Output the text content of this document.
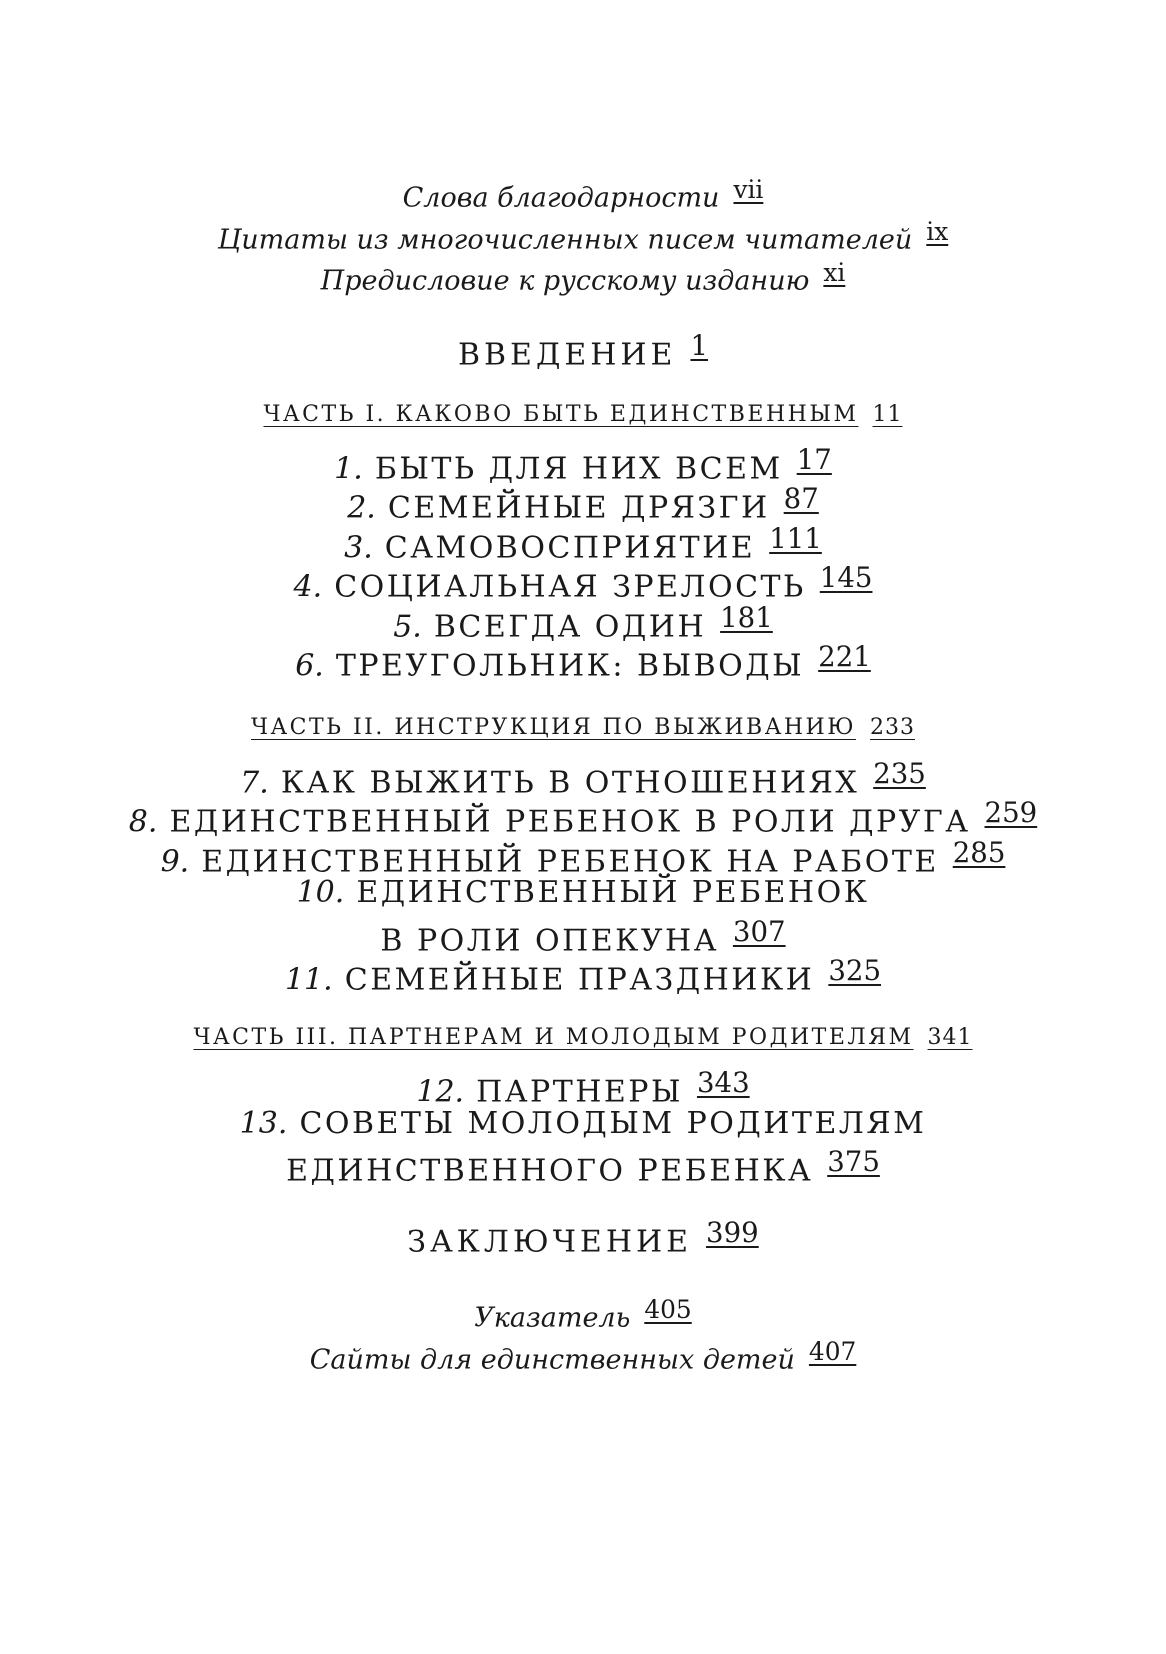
Слова благодарности vii
Цитаты из многочисленных писем читателей ix
Предисловие к русскому изданию xi
ВВЕДЕНИЕ 1
ЧАСТЬ I. КАКОВО БЫТЬ ЕДИНСТВЕННЫМ 11
1. БЫТЬ ДЛЯ НИХ ВСЕМ 17
2. СЕМЕЙНЫЕ ДРЯЗГИ 87
3. САМОВОСПРИЯТИЕ 111
4. СОЦИАЛЬНАЯ ЗРЕЛОСТЬ 145
5. ВСЕГДА ОДИН 181
6. ТРЕУГОЛЬНИК: ВЫВОДЫ 221
ЧАСТЬ II. ИНСТРУКЦИЯ ПО ВЫЖИВАНИЮ 233
7. КАК ВЫЖИТЬ В ОТНОШЕНИЯХ 235
8. ЕДИНСТВЕННЫЙ РЕБЕНОК В РОЛИ ДРУГА 259
9. ЕДИНСТВЕННЫЙ РЕБЕНОК НА РАБОТЕ 285
10. ЕДИНСТВЕННЫЙ РЕБЕНОК
В РОЛИ ОПЕКУНА 307
11. СЕМЕЙНЫЕ ПРАЗДНИКИ 325
ЧАСТЬ III. ПАРТНЕРАМ И МОЛОДЫМ РОДИТЕЛЯМ 341
12. ПАРТНЕРЫ 343
13. СОВЕТЫ МОЛОДЫМ РОДИТЕЛЯМ
ЕДИНСТВЕННОГО РЕБЕНКА 375
ЗАКЛЮЧЕНИЕ 399
Указатель 405
Сайты для единственных детей 407
